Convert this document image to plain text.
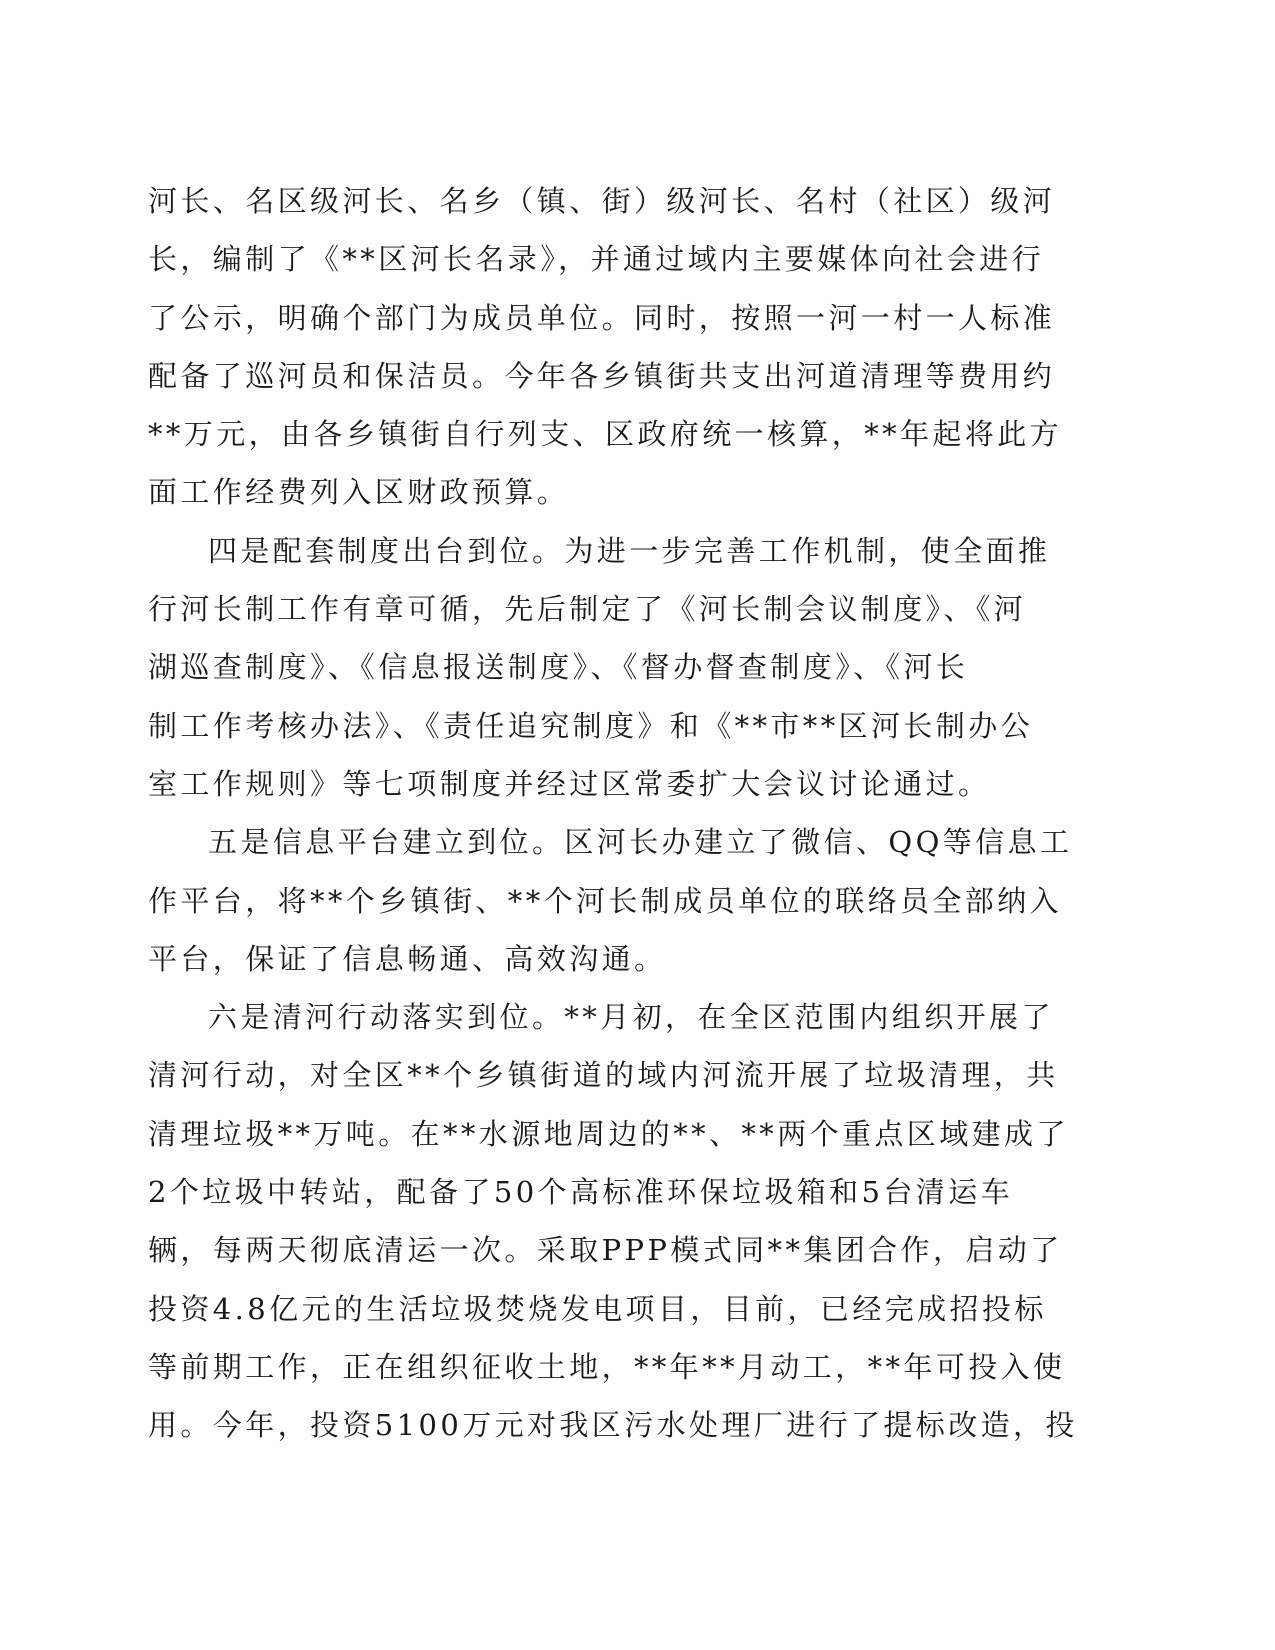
河长、名区级河长、名乡（镇、街）级河长、名村（社区）级河
长，编制了《**区河长名录》，并通过域内主要媒体向社会进行
了公示，明确个部门为成员单位。同时，按照一河一村一人标准
配备了巡河员和保洁员。今年各乡镇街共支出河道清理等费用约
**万元，由各乡镇街自行列支、区政府统一核算，**年起将此方
面工作经费列入区财政预算。
四是配套制度出台到位。为进一步完善工作机制，使全面推
行河长制工作有章可循，先后制定了《河长制会议制度》、《河
湖巡查制度》、《信息报送制度》、《督办督查制度》、《河长
制工作考核办法》、《责任追究制度》和《**市**区河长制办公
室工作规则》等七项制度并经过区常委扩大会议讨论通过。
五是信息平台建立到位。区河长办建立了微信、QQ等信息工
作平台，将**个乡镇街、**个河长制成员单位的联络员全部纳入
平台，保证了信息畅通、高效沟通。
六是清河行动落实到位。**月初，在全区范围内组织开展了
清河行动，对全区**个乡镇街道的域内河流开展了垃圾清理，共
清理垃圾**万吨。在**水源地周边的**、**两个重点区域建成了
2个垃圾中转站，配备了50个高标准环保垃圾箱和5台清运车
辆，每两天彻底清运一次。采取PPP模式同**集团合作，启动了
投资4.8亿元的生活垃圾焚烧发电项目，目前，已经完成招投标
等前期工作，正在组织征收土地，**年**月动工，**年可投入使
用。今年，投资5100万元对我区污水处理厂进行了提标改造，投
